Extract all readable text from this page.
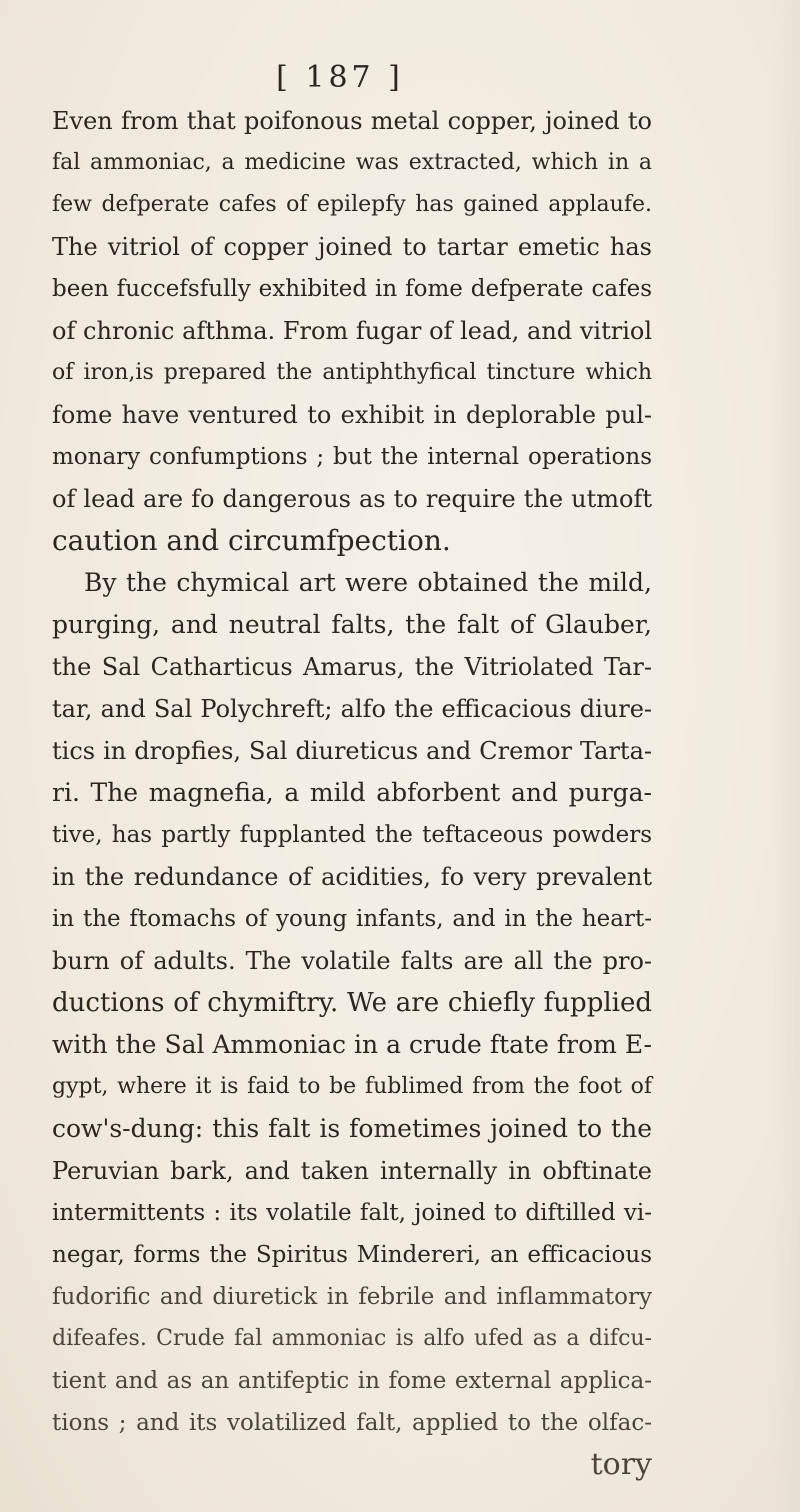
[ 187 ]
Even from that poifonous metal copper, joined to
fal ammoniac, a medicine was extracted, which in a
few defperate cafes of epilepfy has gained applaufe.
The vitriol of copper joined to tartar emetic has
been fuccefsfully exhibited in fome defperate cafes
of chronic afthma. From fugar of lead, and vitriol
of iron,is prepared the antiphthyfical tincture which
fome have ventured to exhibit in deplorable pul-
monary confumptions ; but the internal operations
of lead are fo dangerous as to require the utmoft
caution and circumfpection.
By the chymical art were obtained the mild,
purging, and neutral falts, the falt of Glauber,
the Sal Catharticus Amarus, the Vitriolated Tar-
tar, and Sal Polychreft; alfo the efficacious diure-
tics in dropfies, Sal diureticus and Cremor Tarta-
ri. The magnefia, a mild abforbent and purga-
tive, has partly fupplanted the teftaceous powders
in the redundance of acidities, fo very prevalent
in the ftomachs of young infants, and in the heart-
burn of adults. The volatile falts are all the pro-
ductions of chymiftry. We are chiefly fupplied
with the Sal Ammoniac in a crude ftate from E-
gypt, where it is faid to be fublimed from the foot of
cow's-dung: this falt is fometimes joined to the
Peruvian bark, and taken internally in obftinate
intermittents : its volatile falt, joined to diftilled vi-
negar, forms the Spiritus Mindereri, an efficacious
fudorific and diuretick in febrile and inflammatory
difeafes. Crude fal ammoniac is alfo ufed as a difcu-
tient and as an antifeptic in fome external applica-
tions ; and its volatilized falt, applied to the olfac-
tory
